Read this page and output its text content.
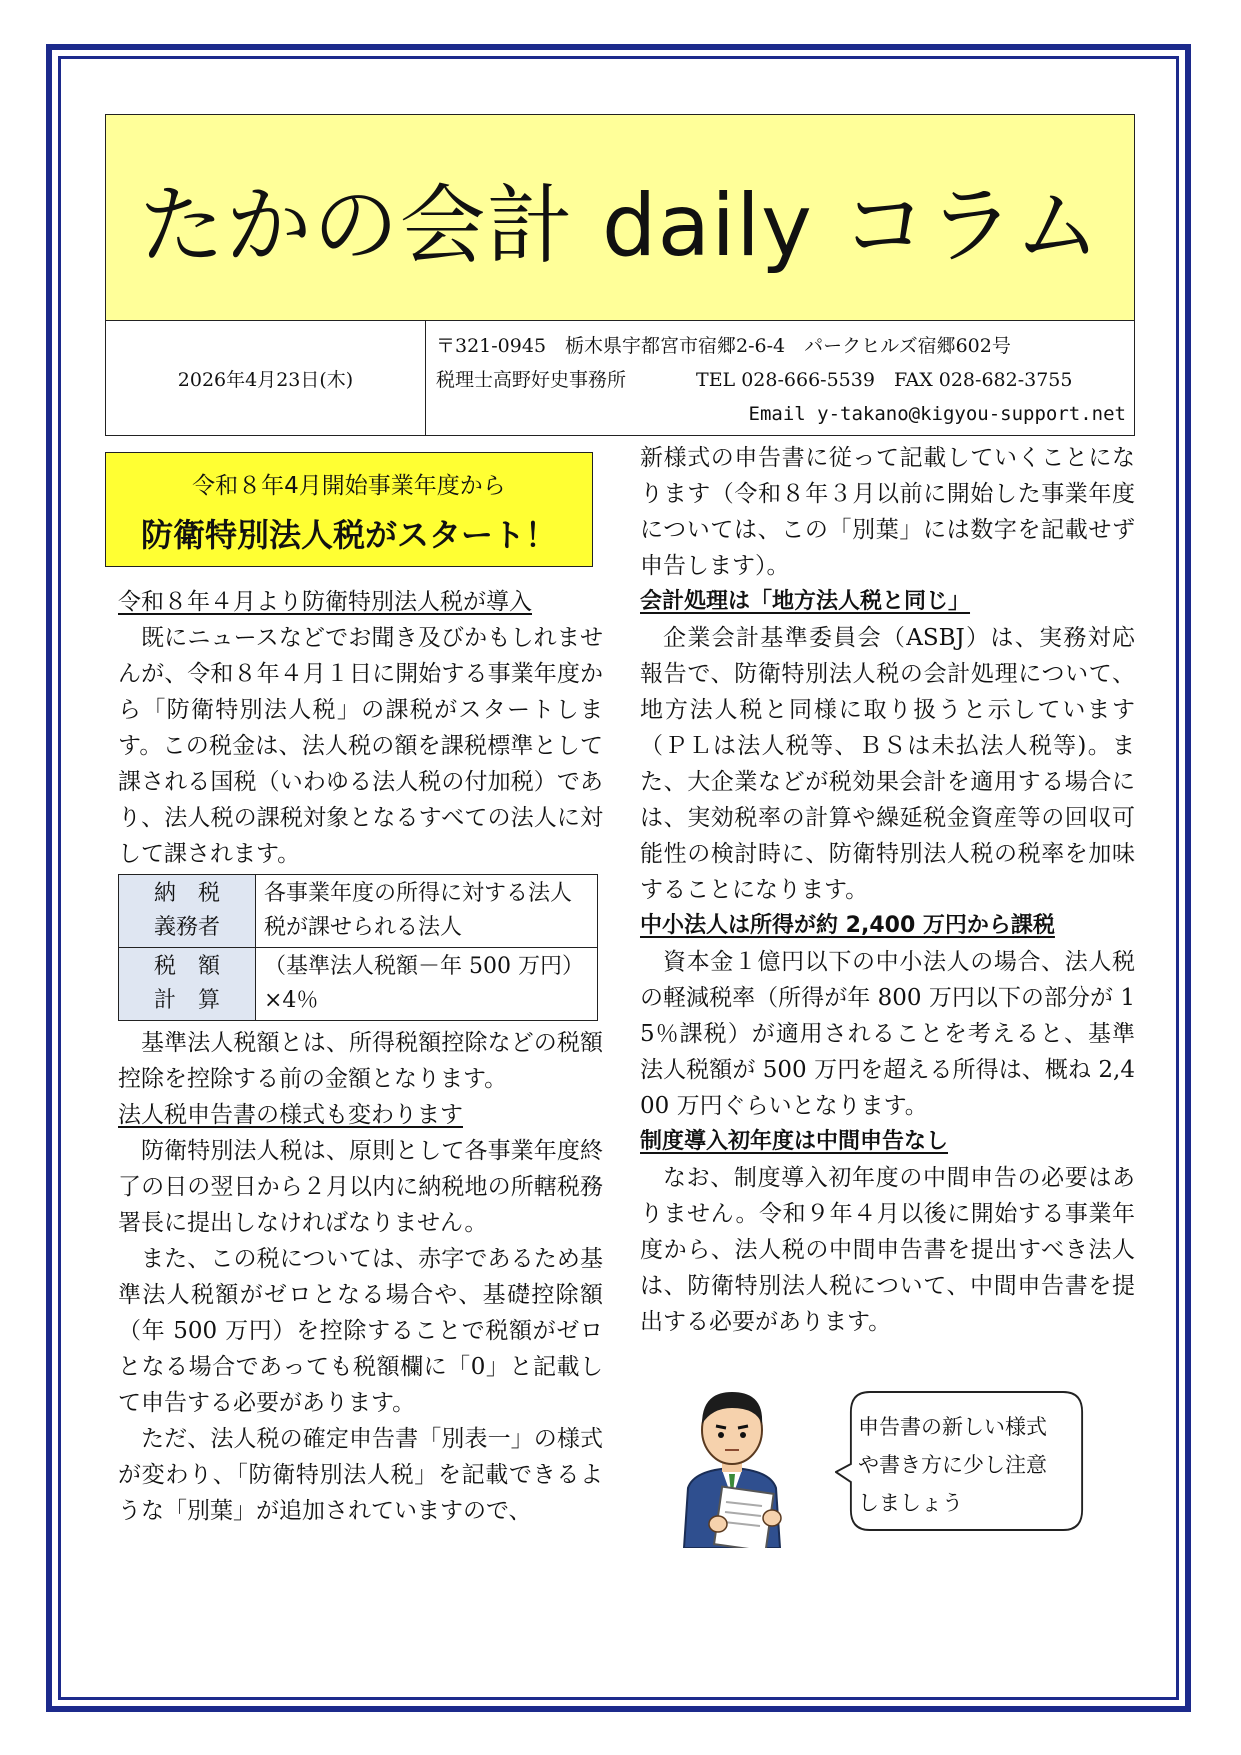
たかの会計 daily コラム
2026年4月23日(木)
〒321-0945　栃木県宇都宮市宿郷2-6-4　パークヒルズ宿郷602号
税理士高野好史事務所	TEL 028-666-5539　FAX 028-682-3755
Email y-takano@kigyou-support.net
令和８年4月開始事業年度から
防衛特別法人税がスタート！
令和８年４月より防衛特別法人税が導入

既にニュースなどでお聞き及びかもしれませんが、令和８年４月１日に開始する事業年度から「防衛特別法人税」の課税がスタートします。この税金は、法人税の額を課税標準として課される国税（いわゆる法人税の付加税）であり、法人税の課税対象となるすべての法人に対して課されます。

納　税
義務者	各事業年度の所得に対する法人税が課せられる法人
税　額
計　算	（基準法人税額－年 500 万円）×4％

基準法人税額とは、所得税額控除などの税額控除を控除する前の金額となります。

法人税申告書の様式も変わります

防衛特別法人税は、原則として各事業年度終了の日の翌日から２月以内に納税地の所轄税務署長に提出しなければなりません。

また、この税については、赤字であるため基準法人税額がゼロとなる場合や、基礎控除額（年 500 万円）を控除することで税額がゼロとなる場合であっても税額欄に「0」と記載して申告する必要があります。

ただ、法人税の確定申告書「別表一」の様式が変わり、「防衛特別法人税」を記載できるような「別葉」が追加されていますので、

新様式の申告書に従って記載していくことになります（令和８年３月以前に開始した事業年度については、この「別葉」には数字を記載せず申告します）。

会計処理は「地方法人税と同じ」

企業会計基準委員会（ASBJ）は、実務対応報告で、防衛特別法人税の会計処理について、地方法人税と同様に取り扱うと示しています（ＰＬは法人税等、ＢＳは未払法人税等)。また、大企業などが税効果会計を適用する場合には、実効税率の計算や繰延税金資産等の回収可能性の検討時に、防衛特別法人税の税率を加味することになります。

中小法人は所得が約 2,400 万円から課税

資本金１億円以下の中小法人の場合、法人税の軽減税率（所得が年 800 万円以下の部分が 15％課税）が適用されることを考えると、基準法人税額が 500 万円を超える所得は、概ね 2,400 万円ぐらいとなります。

制度導入初年度は中間申告なし

なお、制度導入初年度の中間申告の必要はありません。令和９年４月以後に開始する事業年度から、法人税の中間申告書を提出すべき法人は、防衛特別法人税について、中間申告書を提出する必要があります。

申告書の新しい様式
や書き方に少し注意
しましょう
